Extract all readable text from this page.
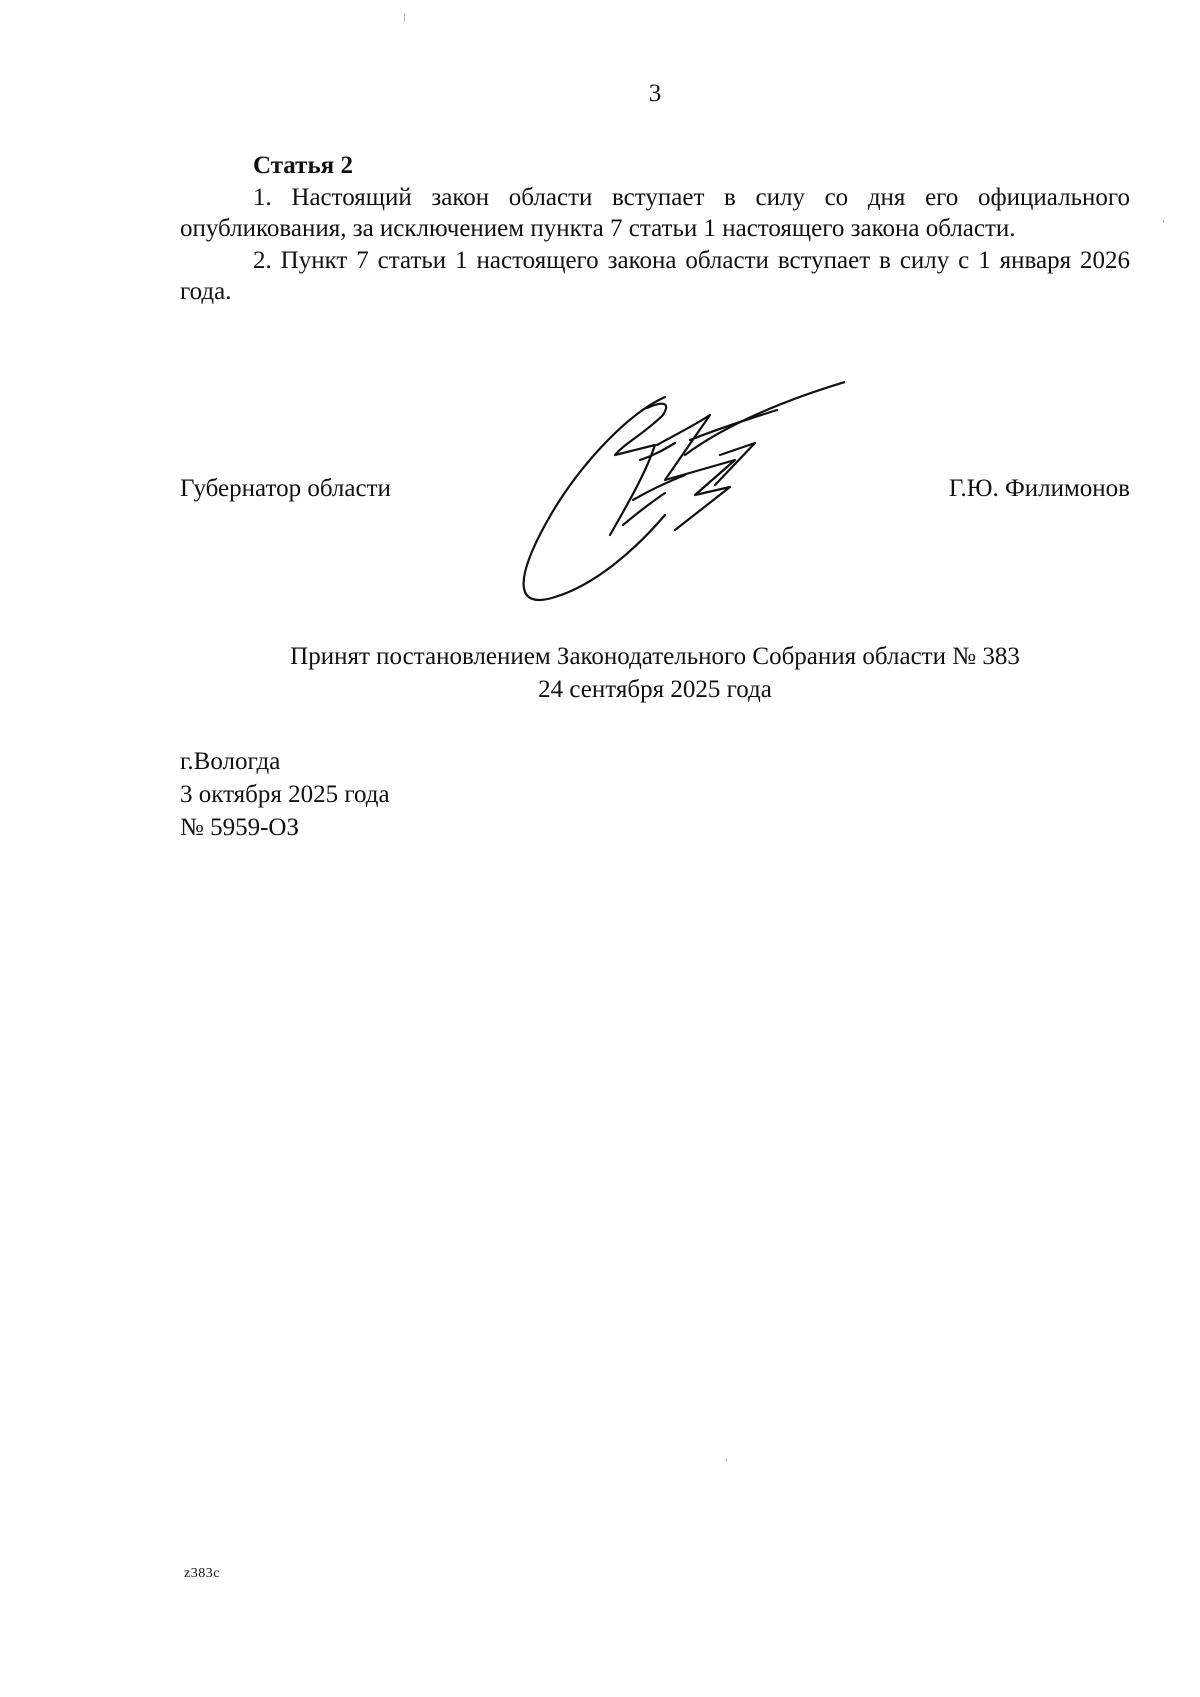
3
Статья 2

1. Настоящий закон области вступает в силу со дня его официального опубликования, за исключением пункта 7 статьи 1 настоящего закона области.

2. Пункт 7 статьи 1 настоящего закона области вступает в силу с 1 января 2026 года.

Губернатор области	Г.Ю. Филимонов
Принят постановлением Законодательного Собрания области № 383
24 сентября 2025 года
г.Вологда
3 октября 2025 года
№ 5959-ОЗ
z383c
